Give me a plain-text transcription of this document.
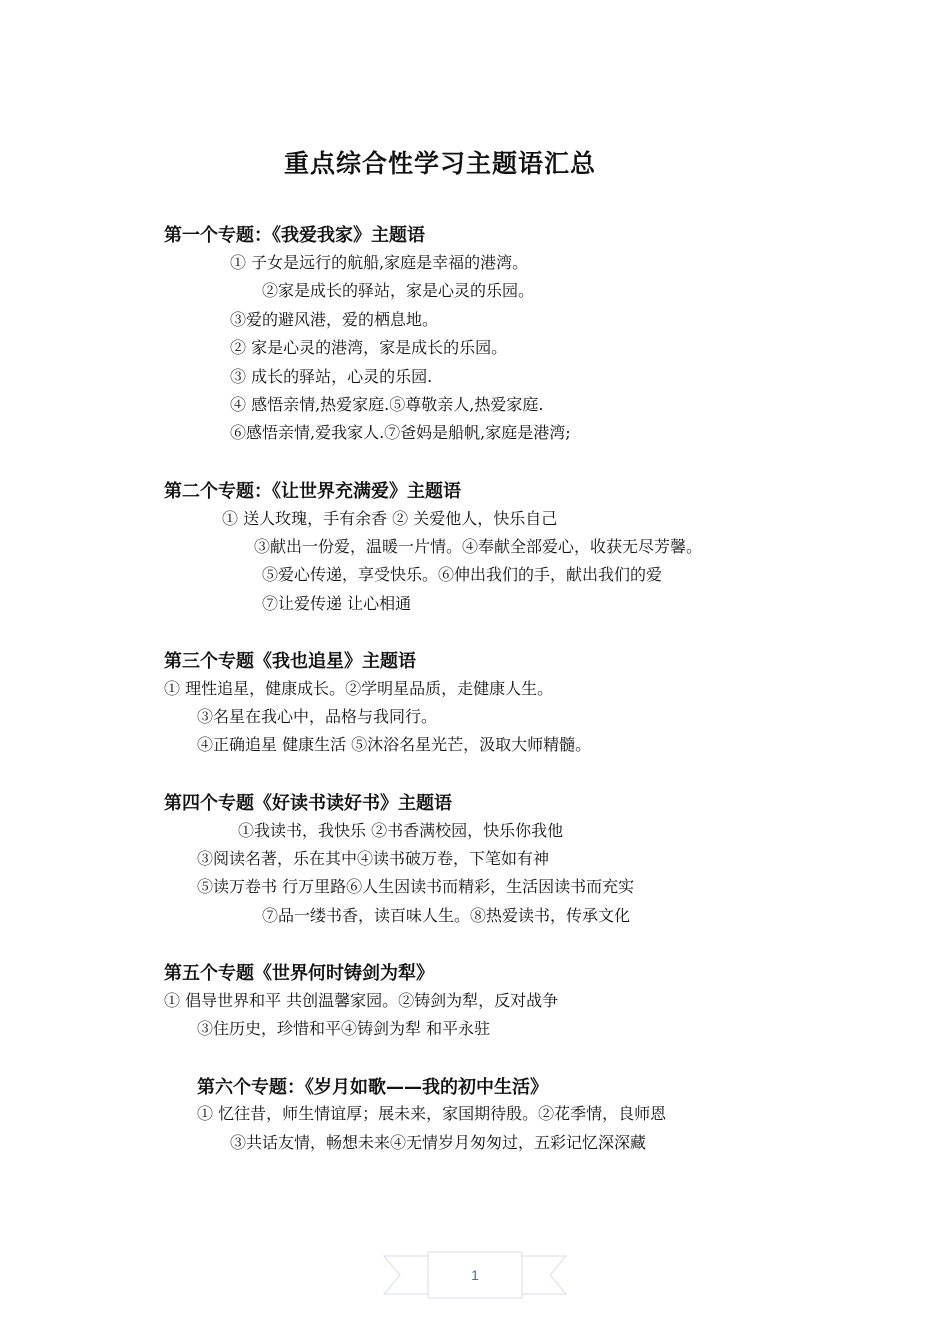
重点综合性学习主题语汇总
第一个专题：《我爱我家》主题语
① 子女是远行的航船,家庭是幸福的港湾。
②家是成长的驿站，家是心灵的乐园。
③爱的避风港，爱的栖息地。
② 家是心灵的港湾，家是成长的乐园。
③ 成长的驿站，心灵的乐园.
④ 感悟亲情,热爱家庭.⑤尊敬亲人,热爱家庭.
⑥感悟亲情,爱我家人.⑦爸妈是船帆,家庭是港湾;
第二个专题：《让世界充满爱》主题语
① 送人玫瑰，手有余香 ② 关爱他人，快乐自己
③献出一份爱，温暖一片情。④奉献全部爱心，收获无尽芳馨。
⑤爱心传递，享受快乐。⑥伸出我们的手，献出我们的爱
⑦让爱传递 让心相通
第三个专题《我也追星》主题语
① 理性追星，健康成长。②学明星品质，走健康人生。
③名星在我心中，品格与我同行。
④正确追星 健康生活 ⑤沐浴名星光芒，汲取大师精髓。
第四个专题《好读书读好书》主题语
①我读书，我快乐 ②书香满校园，快乐你我他
③阅读名著，乐在其中④读书破万卷，下笔如有神
⑤读万卷书 行万里路⑥人生因读书而精彩，生活因读书而充实
⑦品一缕书香，读百味人生。⑧热爱读书，传承文化
第五个专题《世界何时铸剑为犁》
① 倡导世界和平 共创温馨家园。②铸剑为犁，反对战争
③住历史，珍惜和平④铸剑为犁 和平永驻
第六个专题：《岁月如歌——我的初中生活》
① 忆往昔，师生情谊厚；展未来，家国期待殷。②花季情，良师恩
③共话友情，畅想未来④无情岁月匆匆过，五彩记忆深深藏
1
